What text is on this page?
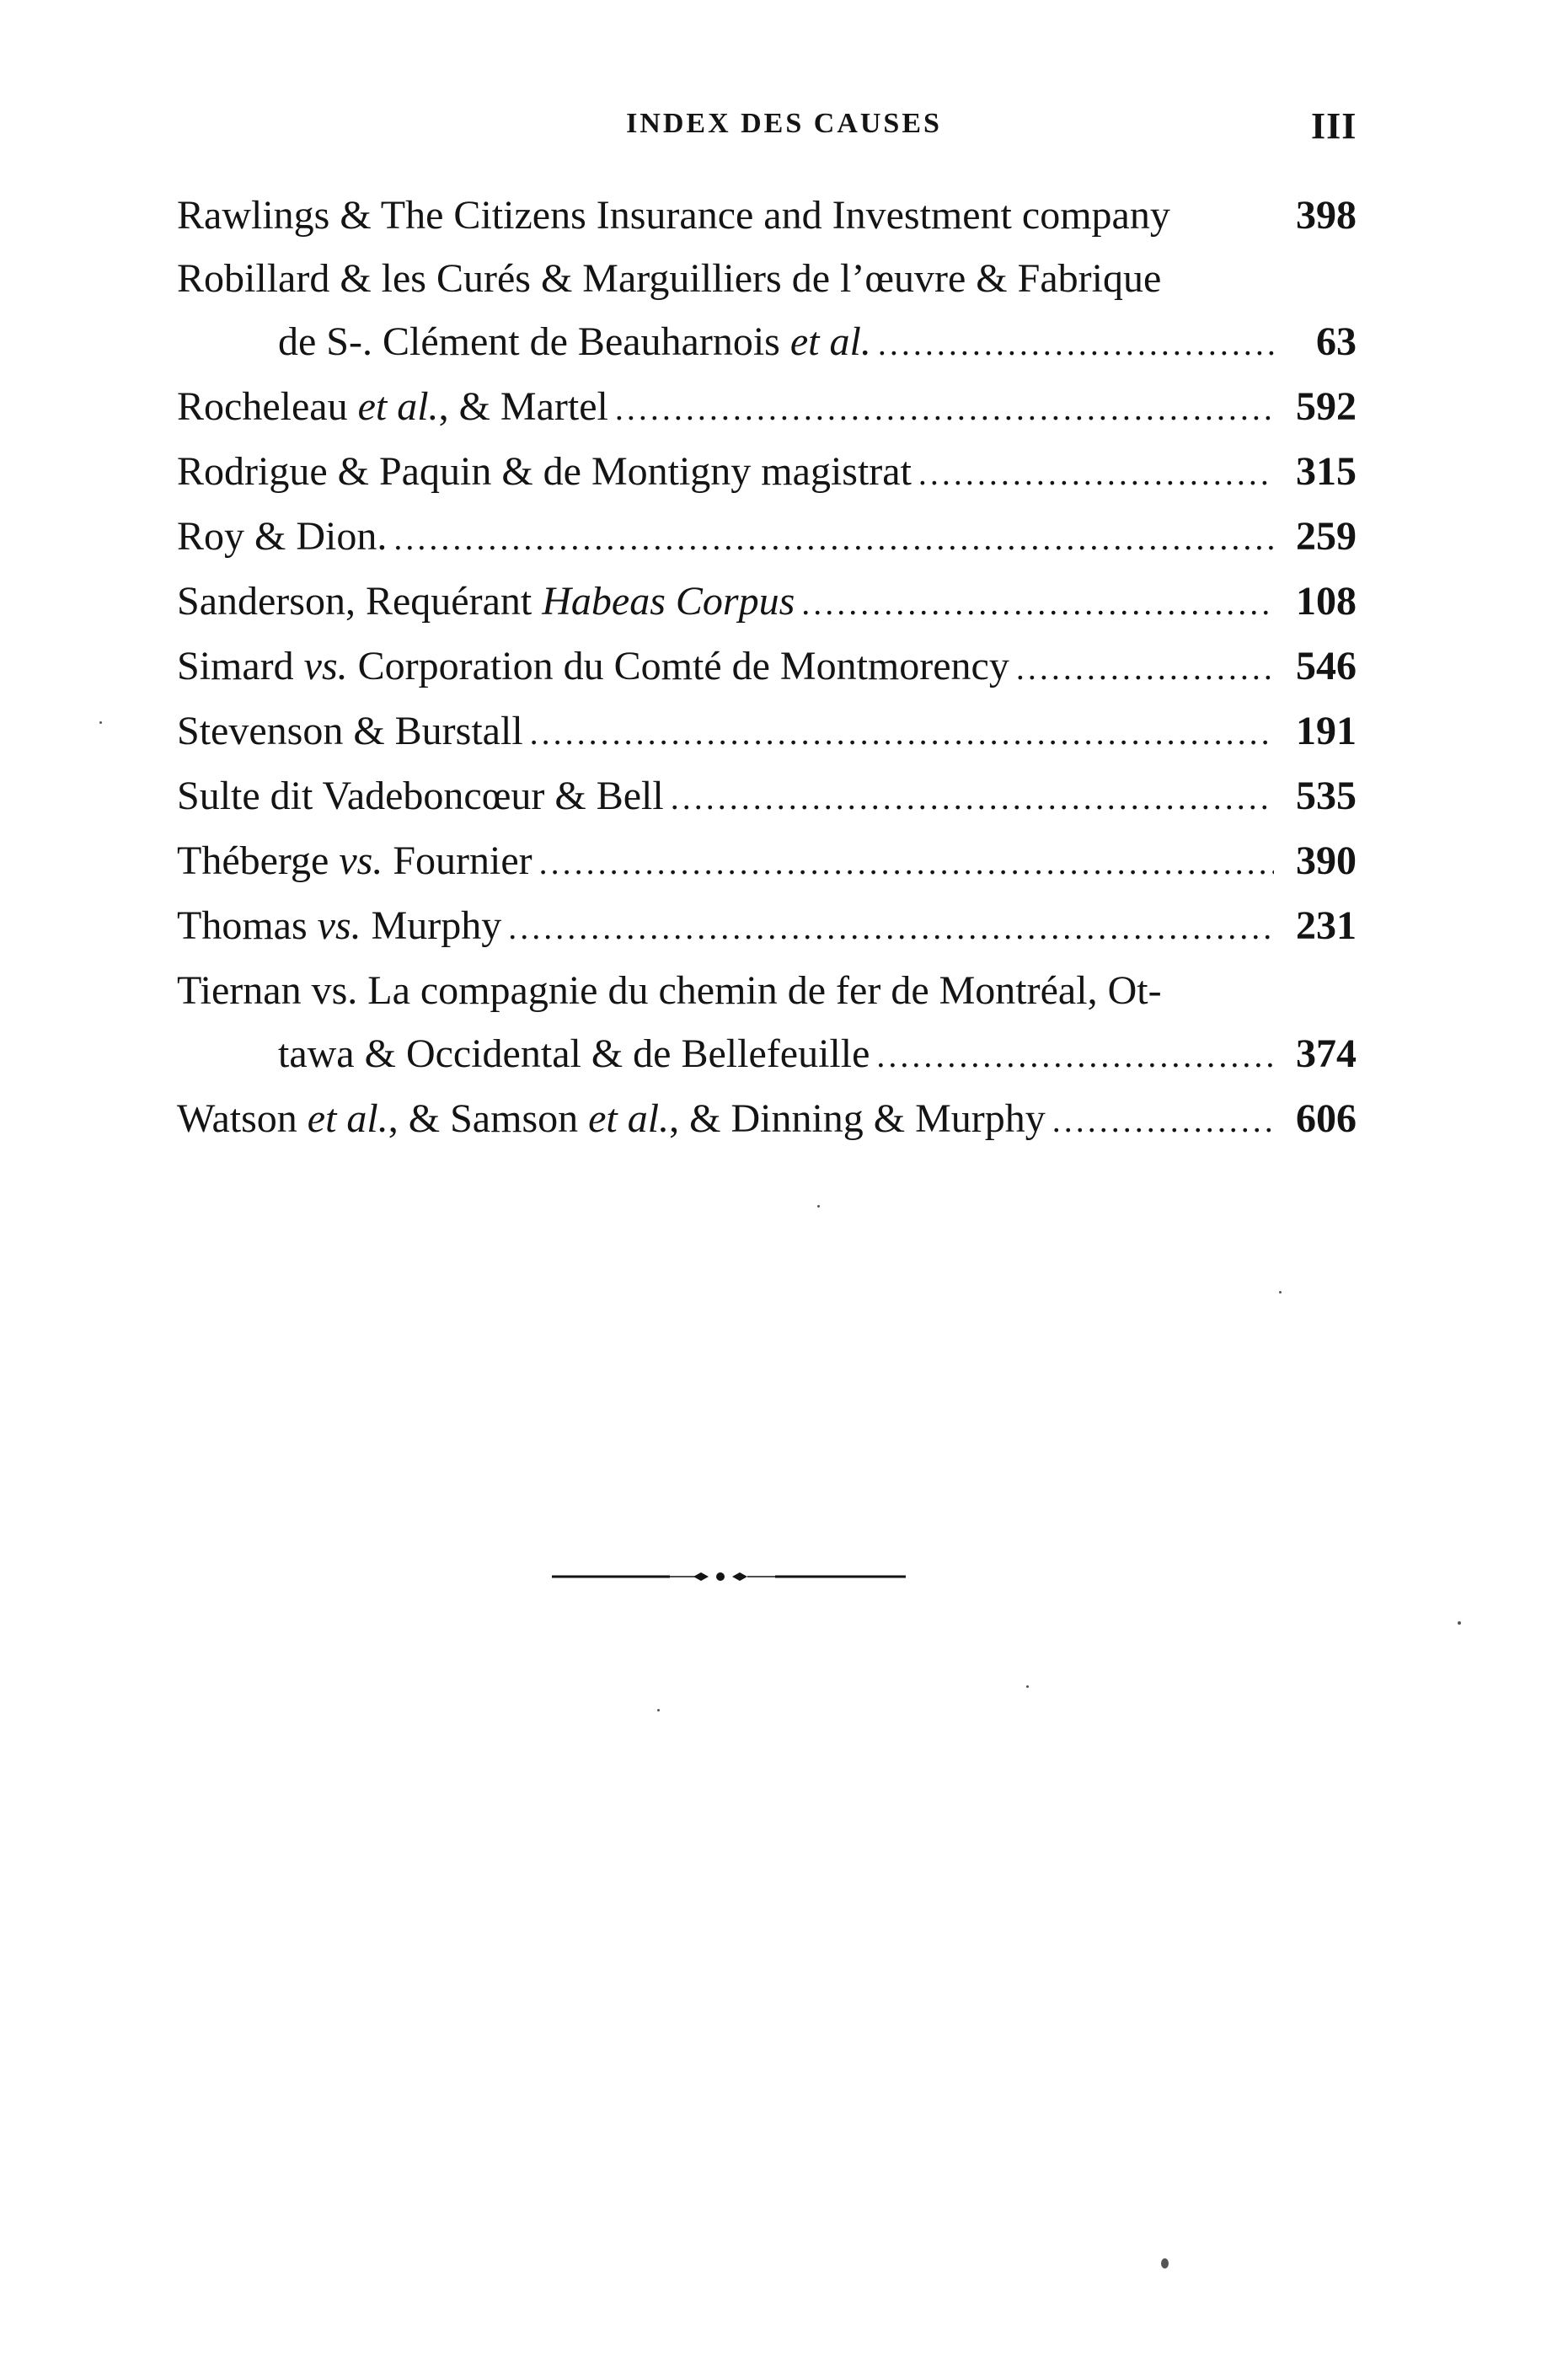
INDEX DES CAUSES	III
Rawlings & The Citizens Insurance and Investment company	398
Robillard & les Curés & Marguilliers de l’œuvre & Fabrique
de S-. Clément de Beauharnois et al. .....	63
Rocheleau et al., & Martel .....	592
Rodrigue & Paquin & de Montigny magistrat .....	315
Roy & Dion. .....	259
Sanderson, Requérant Habeas Corpus .....	108
Simard vs. Corporation du Comté de Montmorency .....	546
Stevenson & Burstall .....	191
Sulte dit Vadeboncœur & Bell .....	535
Théberge vs. Fournier .....	390
Thomas vs. Murphy .....	231
Tiernan vs. La compagnie du chemin de fer de Montréal, Ot-
tawa & Occidental & de Bellefeuille .....	374
Watson et al., & Samson et al., & Dinning & Murphy .....	606
